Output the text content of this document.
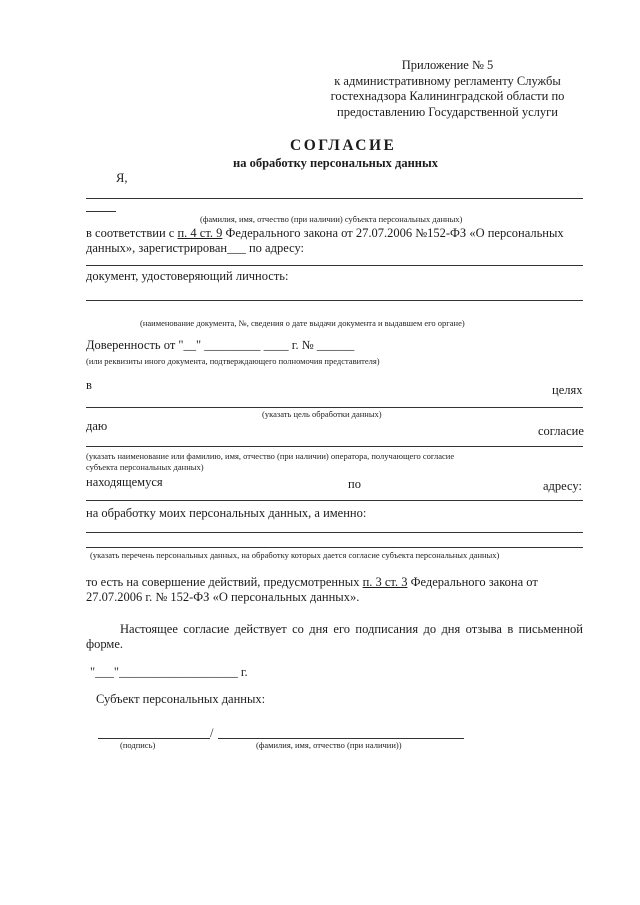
Приложение № 5
к административному регламенту Службы
гостехнадзора Калининградской области по
предоставлению Государственной услуги
СОГЛАСИЕ
на обработку персональных данных
Я,
(фамилия, имя, отчество (при наличии) субъекта персональных данных)
в соответствии с п. 4 ст. 9 Федерального закона от 27.07.2006 №152-ФЗ «О персональных
данных», зарегистрирован___ по адресу:
документ, удостоверяющий личность:
(наименование документа, №, сведения о дате выдачи документа и выдавшем его органе)
Доверенность от "__" _________ ____ г. № ______
(или реквизиты иного документа, подтверждающего полномочия представителя)
в	целях
(указать цель обработки данных)
даю	согласие
(указать наименование или фамилию, имя, отчество (при наличии) оператора, получающего согласие
субъекта персональных данных)
находящемуся	по	адресу:
на обработку моих персональных данных, а именно:
(указать перечень персональных данных, на обработку которых дается согласие субъекта персональных данных)
то есть на совершение действий, предусмотренных п. 3 ст. 3 Федерального закона от
27.07.2006 г. № 152-ФЗ «О персональных данных».
Настоящее согласие действует со дня его подписания до дня отзыва в письменной форме.
"___"___________________ г.
Субъект персональных данных:
/
(подпись)	(фамилия, имя, отчество (при наличии))
